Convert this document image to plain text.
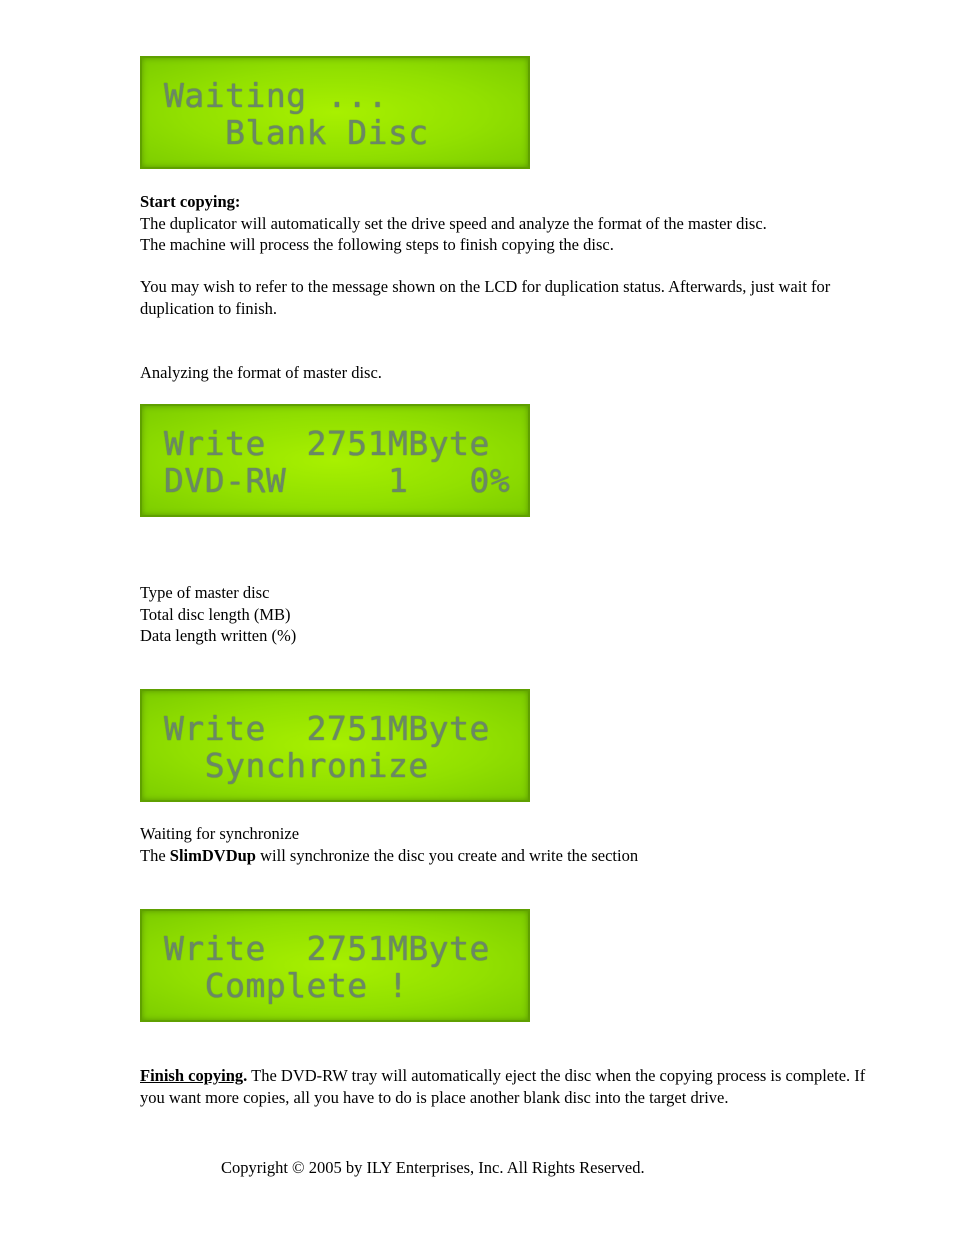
Waiting ...
Blank Disc
Start copying:
The duplicator will automatically set the drive speed and analyze the format of the master disc.
The machine will process the following steps to finish copying the disc.
You may wish to refer to the message shown on the LCD for duplication status. Afterwards, just wait for duplication to finish.
Analyzing the format of master disc.
Write  2751MByte
DVD-RW     1   0%
Type of master disc
Total disc length (MB)
Data length written (%)
Write  2751MByte
Synchronize
Waiting for synchronize
The SlimDVDup will synchronize the disc you create and write the section
Write  2751MByte
Complete !
Finish copying. The DVD-RW tray will automatically eject the disc when the copying process is complete. If you want more copies, all you have to do is place another blank disc into the target drive.
Copyright © 2005 by ILY Enterprises, Inc. All Rights Reserved.
